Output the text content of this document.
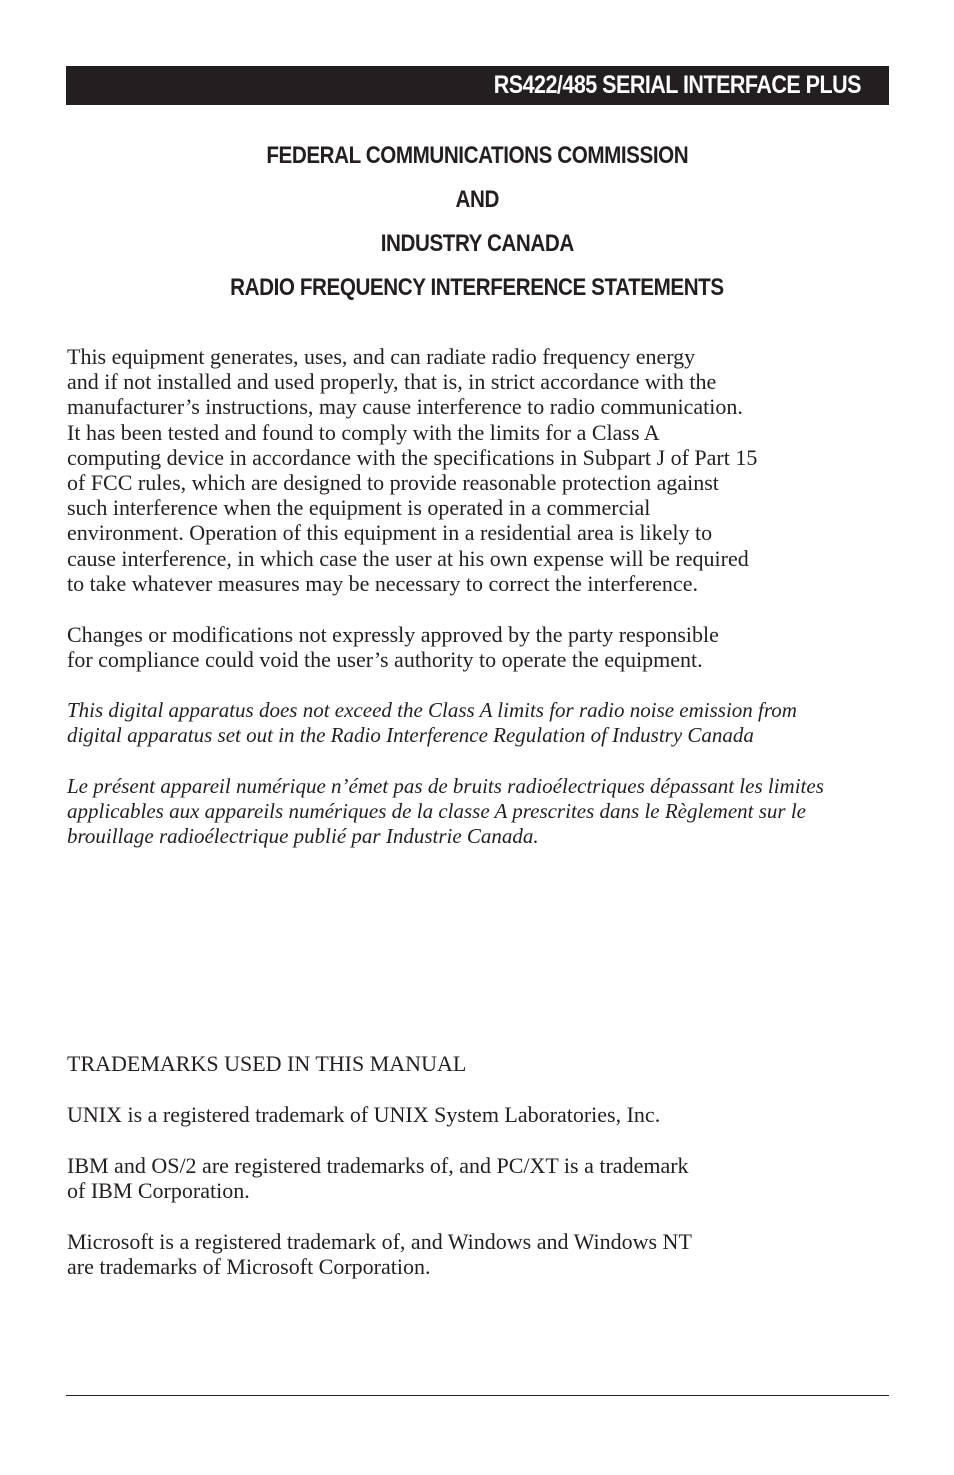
RS422/485 SERIAL INTERFACE PLUS
FEDERAL COMMUNICATIONS COMMISSION
AND
INDUSTRY CANADA
RADIO FREQUENCY INTERFERENCE STATEMENTS
This equipment generates, uses, and can radiate radio frequency energy
and if not installed and used properly, that is, in strict accordance with the
manufacturer’s instructions, may cause interference to radio communication.
It has been tested and found to comply with the limits for a Class A
computing device in accordance with the specifications in Subpart J of Part 15
of FCC rules, which are designed to provide reasonable protection against
such interference when the equipment is operated in a commercial
environment. Operation of this equipment in a residential area is likely to
cause interference, in which case the user at his own expense will be required
to take whatever measures may be necessary to correct the interference.
Changes or modifications not expressly approved by the party responsible
for compliance could void the user’s authority to operate the equipment.
This digital apparatus does not exceed the Class A limits for radio noise emission from
digital apparatus set out in the Radio Interference Regulation of Industry Canada
Le présent appareil numérique n’émet pas de bruits radioélectriques dépassant les limites
applicables aux appareils numériques de la classe A prescrites dans le Règlement sur le
brouillage radioélectrique publié par Industrie Canada.
TRADEMARKS USED IN THIS MANUAL
UNIX is a registered trademark of UNIX System Laboratories, Inc.
IBM and OS/2 are registered trademarks of, and PC/XT is a trademark
of IBM Corporation.
Microsoft is a registered trademark of, and Windows and Windows NT
are trademarks of Microsoft Corporation.
